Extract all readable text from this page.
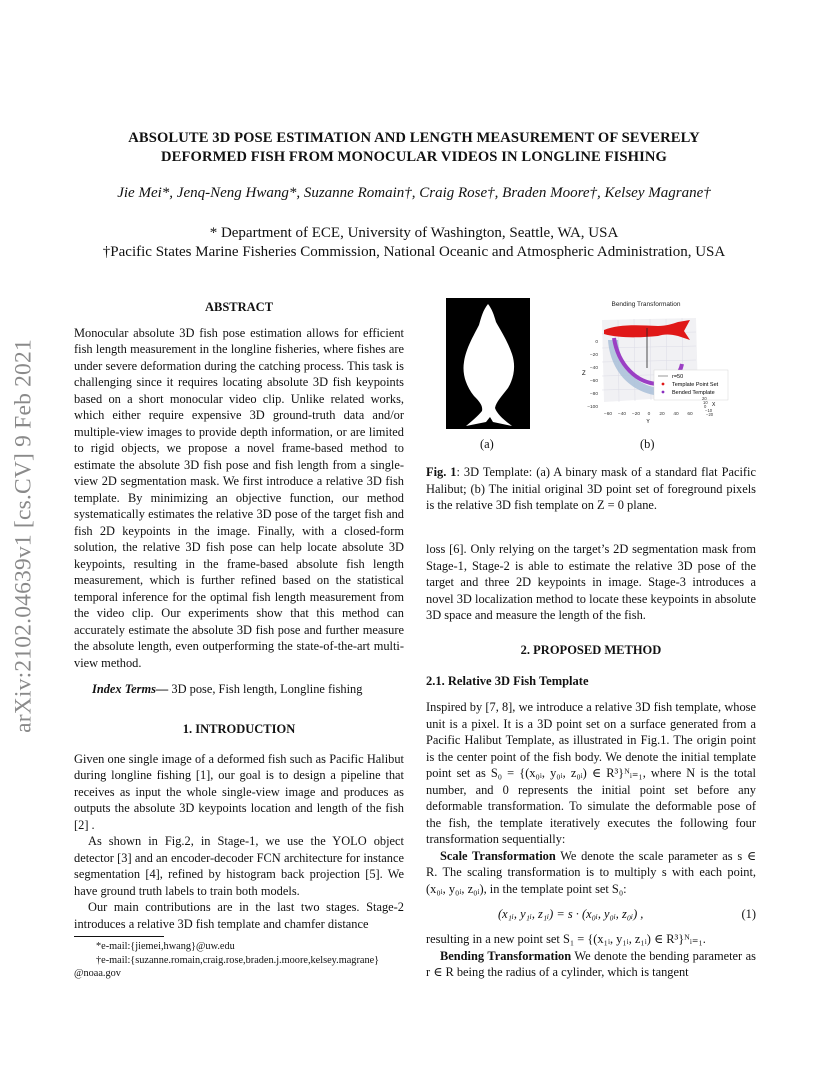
arXiv:2102.04639v1 [cs.CV] 9 Feb 2021
ABSOLUTE 3D POSE ESTIMATION AND LENGTH MEASUREMENT OF SEVERELY
DEFORMED FISH FROM MONOCULAR VIDEOS IN LONGLINE FISHING
Jie Mei*, Jenq-Neng Hwang*, Suzanne Romain†, Craig Rose†, Braden Moore†, Kelsey Magrane†
* Department of ECE, University of Washington, Seattle, WA, USA
†Pacific States Marine Fisheries Commission, National Oceanic and Atmospheric Administration, USA
ABSTRACT

Monocular absolute 3D fish pose estimation allows for efficient fish length measurement in the longline fisheries, where fishes are under severe deformation during the catching process. This task is challenging since it requires locating absolute 3D fish keypoints based on a short monocular video clip. Unlike related works, which either require expensive 3D ground-truth data and/or multiple-view images to provide depth information, or are limited to rigid objects, we propose a novel frame-based method to estimate the absolute 3D fish pose and fish length from a single-view 2D segmentation mask. We first introduce a relative 3D fish template. By minimizing an objective function, our method systematically estimates the relative 3D pose of the target fish and fish 2D keypoints in the image. Finally, with a closed-form solution, the relative 3D fish pose can help locate absolute 3D keypoints, resulting in the frame-based absolute fish length measurement, which is further refined based on the statistical temporal inference for the optimal fish length measurement from the video clip. Our experiments show that this method can accurately estimate the absolute 3D fish pose and further measure the absolute length, even outperforming the state-of-the-art multi-view method.

Index Terms— 3D pose, Fish length, Longline fishing

1. INTRODUCTION

Given one single image of a deformed fish such as Pacific Halibut during longline fishing [1], our goal is to design a pipeline that receives as input the whole single-view image and produces as outputs the absolute 3D keypoints location and length of the fish [2] .

As shown in Fig.2, in Stage-1, we use the YOLO object detector [3] and an encoder-decoder FCN architecture for instance segmentation [4], refined by histogram back projection [5]. We have ground truth labels to train both models.

Our main contributions are in the last two stages. Stage-2 introduces a relative 3D fish template and chamfer distance

*e-mail:{jiemei,hwang}@uw.edu
†e-mail:{suzanne.romain,craig.rose,braden.j.moore,kelsey.magrane} @noaa.gov
Bending Transformation
r=50
Template Point Set
Bended Template
Z
0
−20
−40
−60
−80
−100
−60 −40 −20 0 20 40 60
Y
20
10
0
−10
−20
X
(a)	(b)
Fig. 1: 3D Template: (a) A binary mask of a standard flat Pacific Halibut; (b) The initial original 3D point set of foreground pixels is the relative 3D fish template on Z = 0 plane.

loss [6]. Only relying on the target’s 2D segmentation mask from Stage-1, Stage-2 is able to estimate the relative 3D pose of the target and three 2D keypoints in image. Stage-3 introduces a novel 3D localization method to locate these keypoints in absolute 3D space and measure the length of the fish.

2. PROPOSED METHOD
2.1. Relative 3D Fish Template

Inspired by [7, 8], we introduce a relative 3D fish template, whose unit is a pixel. It is a 3D point set on a surface generated from a Pacific Halibut Template, as illustrated in Fig.1. The origin point is the center point of the fish body. We denote the initial template point set as S₀ = {(x₀ᵢ, y₀ᵢ, z₀ᵢ) ∈ R³}ᴺᵢ₌₁, where N is the total number, and 0 represents the initial point set before any deformable transformation. To simulate the deformable pose of the fish, the template iteratively executes the following four transformation sequentially:

Scale Transformation We denote the scale parameter as s ∈ R. The scaling transformation is to multiply s with each point, (x₀ᵢ, y₀ᵢ, z₀ᵢ), in the template point set S₀:

(x₁ᵢ, y₁ᵢ, z₁ᵢ) = s · (x₀ᵢ, y₀ᵢ, z₀ᵢ) ,	(1)

resulting in a new point set S₁ = {(x₁ᵢ, y₁ᵢ, z₁ᵢ) ∈ R³}ᴺᵢ₌₁.

Bending Transformation We denote the bending parameter as r ∈ R being the radius of a cylinder, which is tangent
